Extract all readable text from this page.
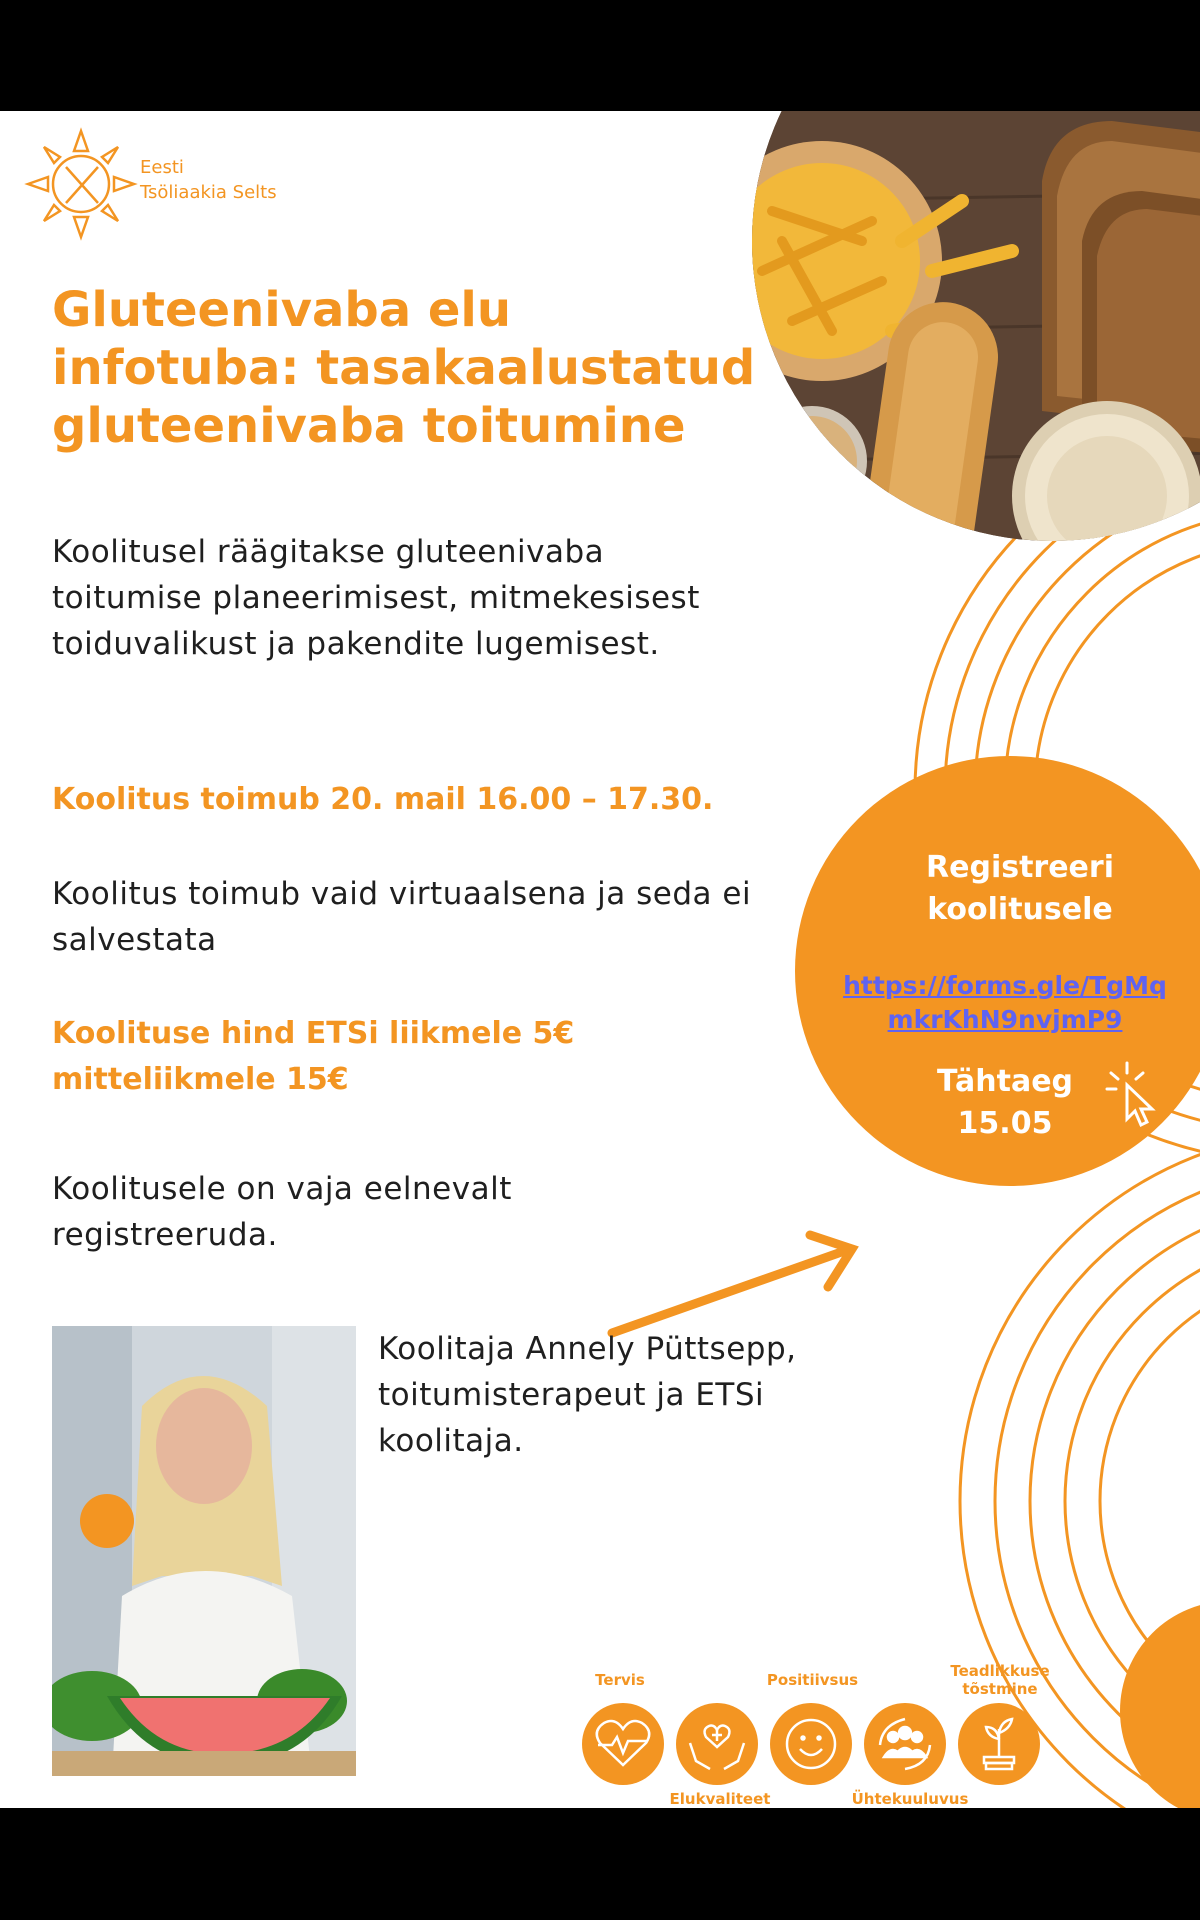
Eesti
Tsöliaakia Selts
Gluteenivaba elu infotuba: tasakaalustatud gluteenivaba toitumine
Koolitusel räägitakse gluteenivaba toitumise planeerimisest, mitmekesisest toiduvalikust ja pakendite lugemisest.
Koolitus toimub 20. mail 16.00 – 17.30.
Koolitus toimub vaid virtuaalsena ja seda ei salvestata
Koolituse hind ETSi liikmele 5€
mitteliikmele 15€
Koolitusele on vaja eelnevalt registreeruda.
Registreeri
koolitusele
https://forms.gle/TgMq
mkrKhN9nvjmP9
Tähtaeg
15.05
Koolitaja Annely Püttsepp, toitumisterapeut ja ETSi koolitaja.
Tervis
Elukvaliteet
Positiivsus
Ühtekuuluvus
Teadlikkuse tõstmine
